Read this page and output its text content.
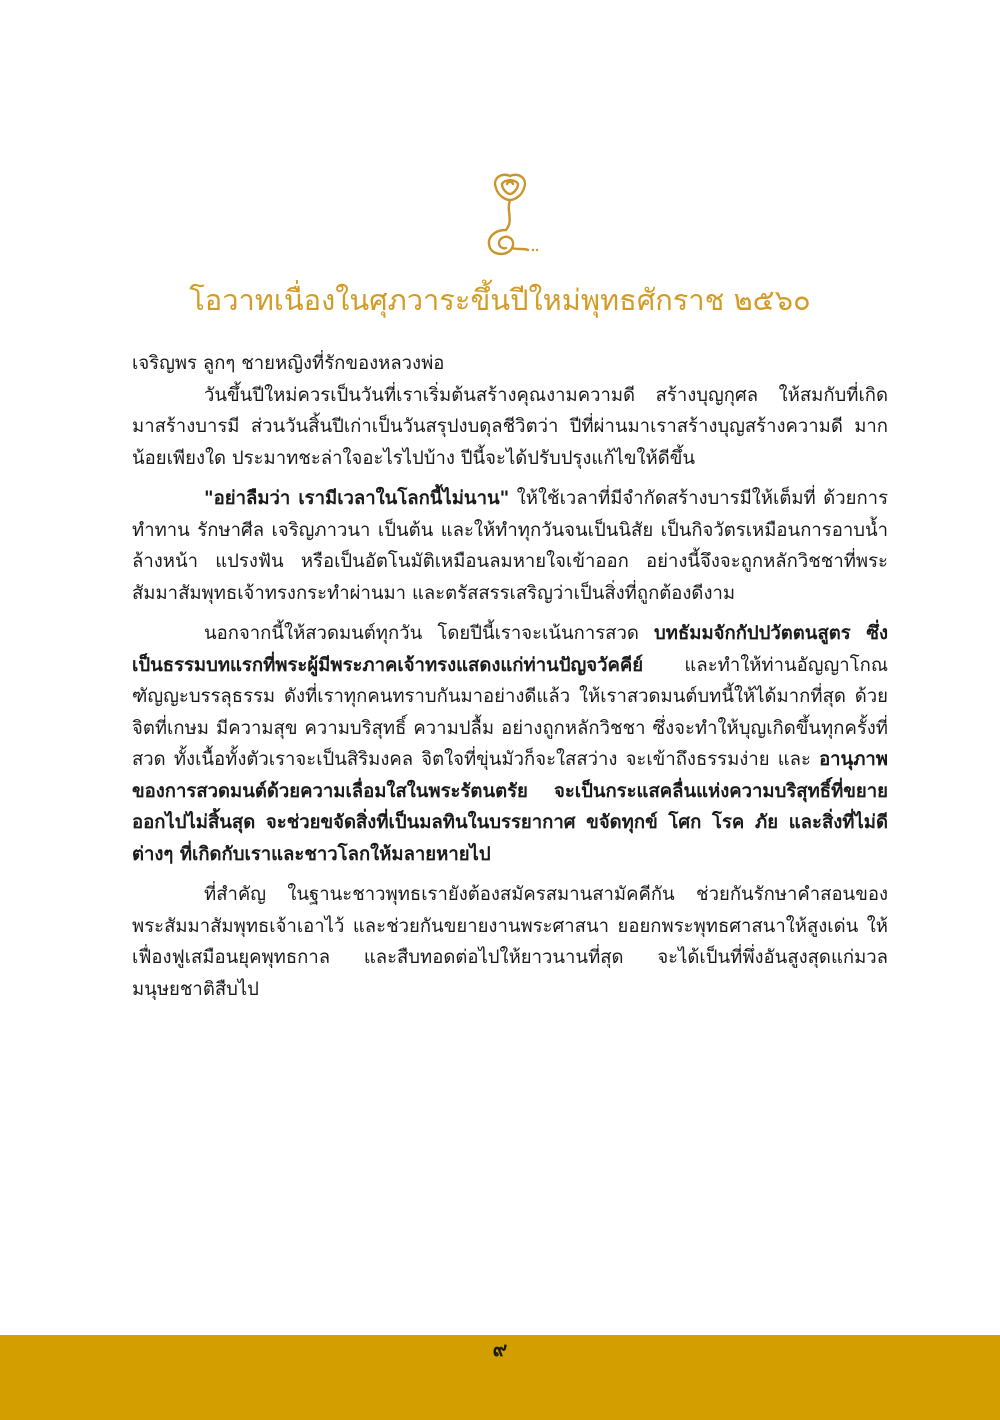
โอวาทเนื่องในศุภวาระขึ้นปีใหม่พุทธศักราช ๒๕๖๐

เจริญพร ลูกๆ ชายหญิงที่รักของหลวงพ่อ

วันขึ้นปีใหม่ควรเป็นวันที่เราเริ่มต้นสร้างคุณงามความดี สร้างบุญกุศล ให้สมกับที่เกิดมาสร้างบารมี ส่วนวันสิ้นปีเก่าเป็นวันสรุปงบดุลชีวิตว่า ปีที่ผ่านมาเราสร้างบุญสร้างความดี มากน้อยเพียงใด ประมาทชะล่าใจอะไรไปบ้าง ปีนี้จะได้ปรับปรุงแก้ไขให้ดีขึ้น

"อย่าลืมว่า เรามีเวลาในโลกนี้ไม่นาน" ให้ใช้เวลาที่มีจำกัดสร้างบารมีให้เต็มที่ ด้วยการทำทาน รักษาศีล เจริญภาวนา เป็นต้น และให้ทำทุกวันจนเป็นนิสัย เป็นกิจวัตรเหมือนการอาบน้ำ ล้างหน้า แปรงฟัน หรือเป็นอัตโนมัติเหมือนลมหายใจเข้าออก อย่างนี้จึงจะถูกหลักวิชชาที่พระสัมมาสัมพุทธเจ้าทรงกระทำผ่านมา และตรัสสรรเสริญว่าเป็นสิ่งที่ถูกต้องดีงาม

นอกจากนี้ให้สวดมนต์ทุกวัน โดยปีนี้เราจะเน้นการสวด บทธัมมจักกัปปวัตตนสูตร ซึ่งเป็นธรรมบทแรกที่พระผู้มีพระภาคเจ้าทรงแสดงแก่ท่านปัญจวัคคีย์ และทำให้ท่านอัญญาโกณฑัญญะบรรลุธรรม ดังที่เราทุกคนทราบกันมาอย่างดีแล้ว ให้เราสวดมนต์บทนี้ให้ได้มากที่สุด ด้วยจิตที่เกษม มีความสุข ความบริสุทธิ์ ความปลื้ม อย่างถูกหลักวิชชา ซึ่งจะทำให้บุญเกิดขึ้นทุกครั้งที่สวด ทั้งเนื้อทั้งตัวเราจะเป็นสิริมงคล จิตใจที่ขุ่นมัวก็จะใสสว่าง จะเข้าถึงธรรมง่าย และ อานุภาพของการสวดมนต์ด้วยความเลื่อมใสในพระรัตนตรัย จะเป็นกระแสคลื่นแห่งความบริสุทธิ์ที่ขยายออกไปไม่สิ้นสุด จะช่วยขจัดสิ่งที่เป็นมลทินในบรรยากาศ ขจัดทุกข์ โศก โรค ภัย และสิ่งที่ไม่ดีต่างๆ ที่เกิดกับเราและชาวโลกให้มลายหายไป

ที่สำคัญ ในฐานะชาวพุทธเรายังต้องสมัครสมานสามัคคีกัน ช่วยกันรักษาคำสอนของพระสัมมาสัมพุทธเจ้าเอาไว้ และช่วยกันขยายงานพระศาสนา ยอยกพระพุทธศาสนาให้สูงเด่น ให้เฟื่องฟูเสมือนยุคพุทธกาล และสืบทอดต่อไปให้ยาวนานที่สุด จะได้เป็นที่พึ่งอันสูงสุดแก่มวลมนุษยชาติสืบไป

๙
